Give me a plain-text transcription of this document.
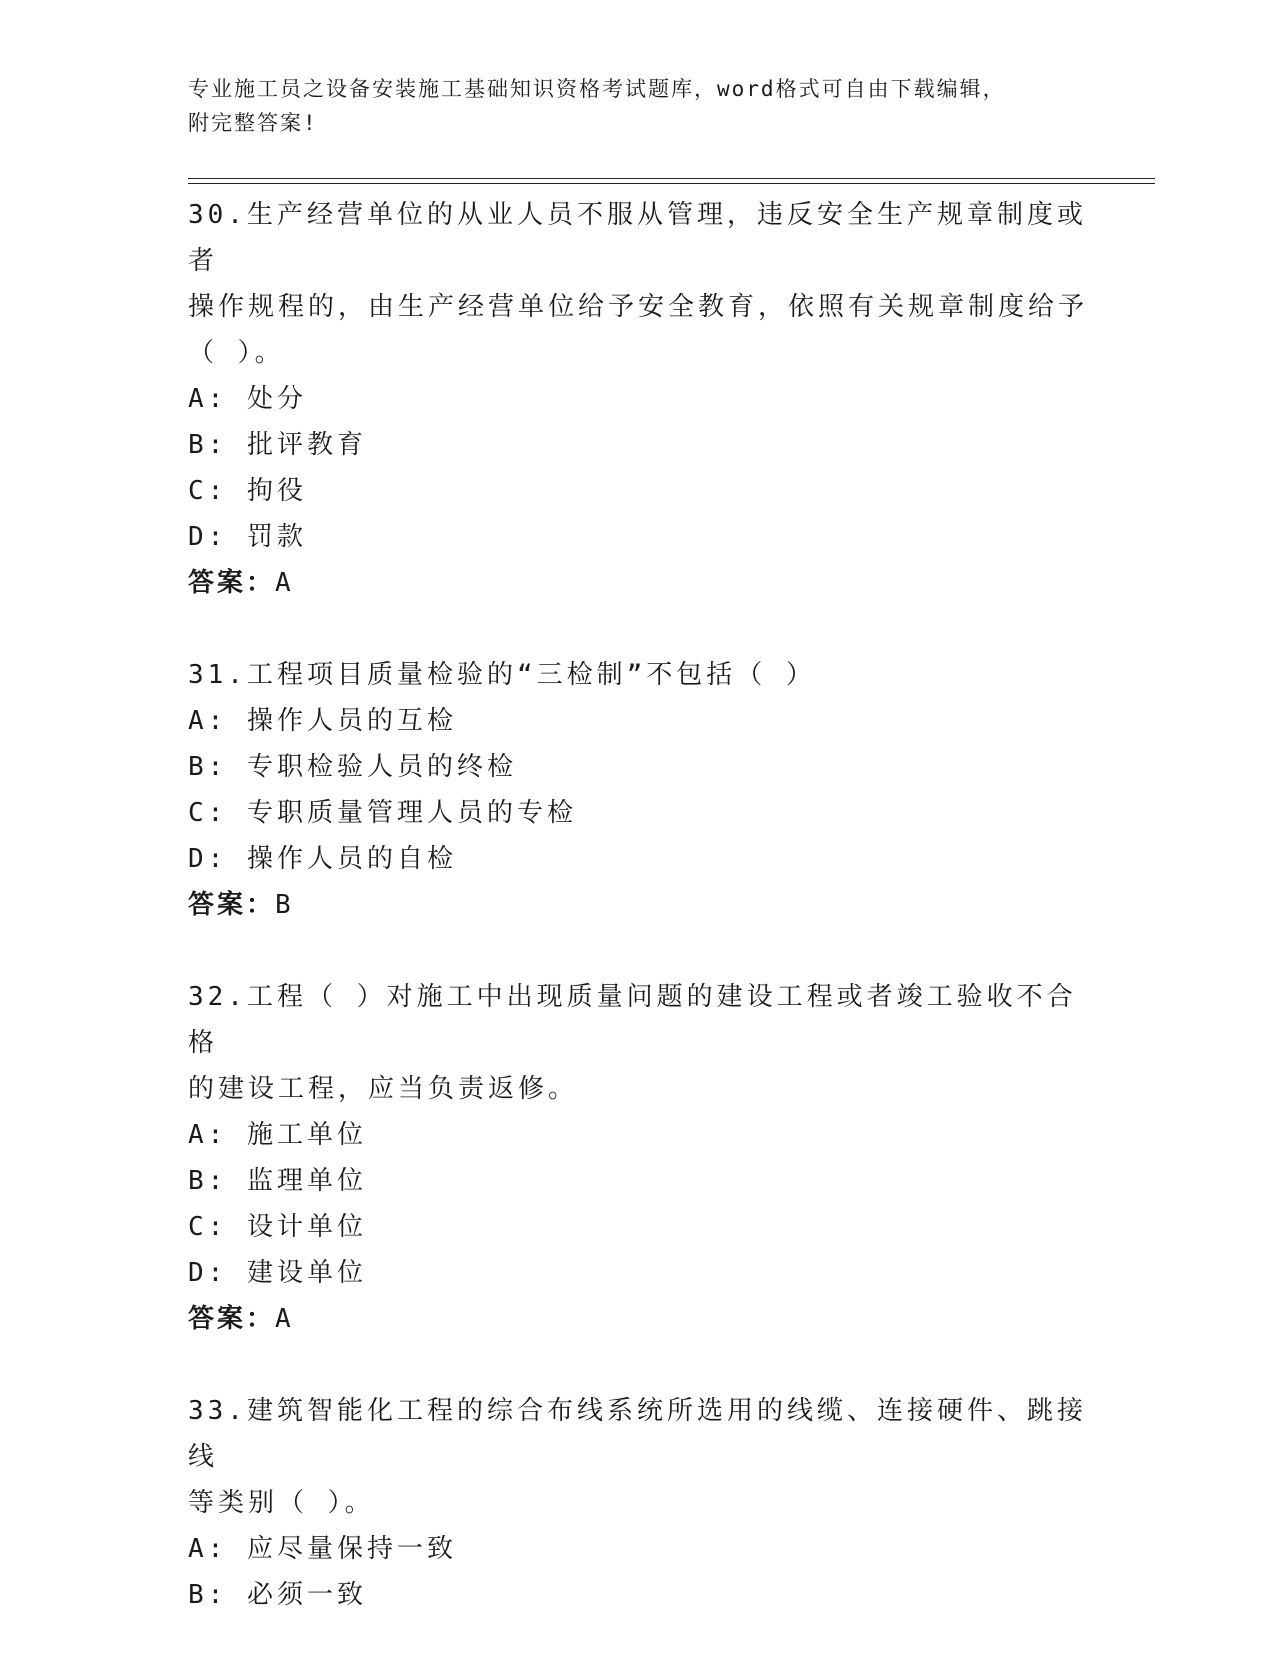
专业施工员之设备安装施工基础知识资格考试题库，word格式可自由下载编辑，
附完整答案!

30.生产经营单位的从业人员不服从管理，违反安全生产规章制度或者

操作规程的，由生产经营单位给予安全教育，依照有关规章制度给予

（ ）。

A: 处分

B: 批评教育

C: 拘役

D: 罚款

答案：A

31.工程项目质量检验的“三检制”不包括（ ）

A: 操作人员的互检

B: 专职检验人员的终检

C: 专职质量管理人员的专检

D: 操作人员的自检

答案：B

32.工程（ ）对施工中出现质量问题的建设工程或者竣工验收不合格

的建设工程，应当负责返修。

A: 施工单位

B: 监理单位

C: 设计单位

D: 建设单位

答案：A

33.建筑智能化工程的综合布线系统所选用的线缆、连接硬件、跳接线

等类别（ ）。

A: 应尽量保持一致

B: 必须一致
